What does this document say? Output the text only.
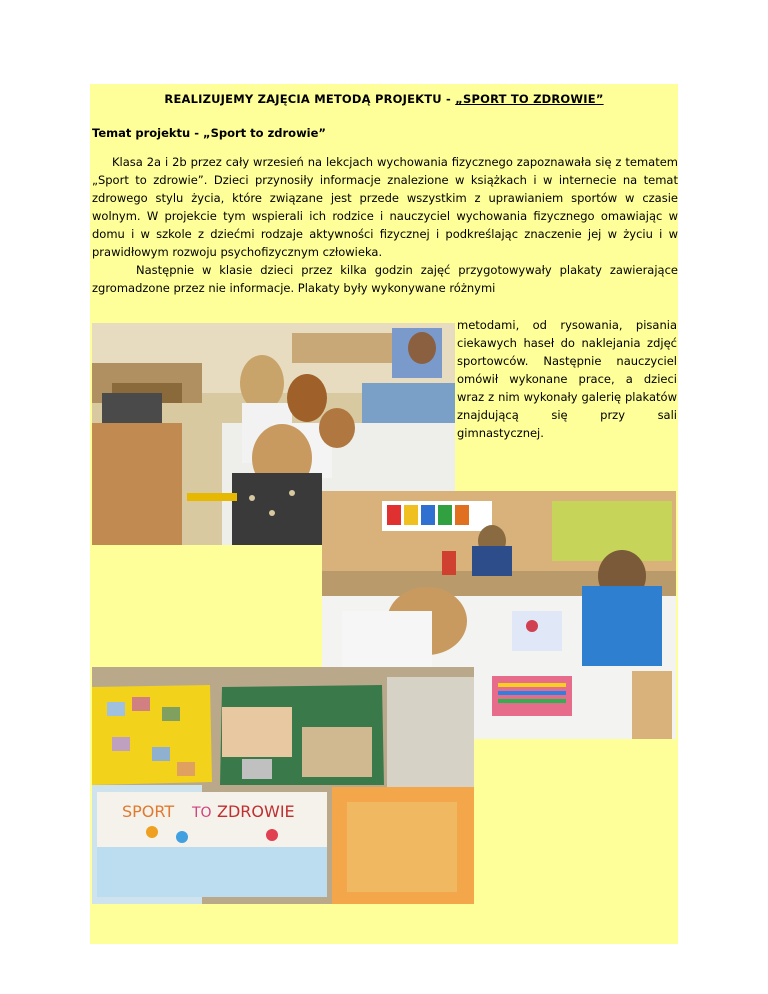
REALIZUJEMY ZAJĘCIA METODĄ PROJEKTU - „SPORT TO ZDROWIE”
Temat projektu - „Sport to zdrowie”

Klasa 2a i 2b przez cały wrzesień na lekcjach wychowania fizycznego zapoznawała się z tematem „Sport to zdrowie”. Dzieci przynosiły informacje znalezione w książkach i w internecie na temat zdrowego stylu życia, które związane jest przede wszystkim z uprawianiem sportów w czasie wolnym. W projekcie tym wspierali ich rodzice i nauczyciel wychowania fizycznego omawiając w domu i w szkole z dziećmi rodzaje aktywności fizycznej i podkreślając znaczenie jej w życiu i w prawidłowym rozwoju psychofizycznym człowieka.

Następnie w klasie dzieci przez kilka godzin zajęć przygotowywały plakaty zawierające zgromadzone przez nie informacje. Plakaty były wykonywane różnymi

metodami, od rysowania, pisania ciekawych haseł do naklejania zdjęć sportowców. Następnie nauczyciel omówił wykonane prace, a dzieci wraz z nim wykonały galerię plakatów znajdującą się przy sali gimnastycznej.
SPORT TO ZDROWIE
